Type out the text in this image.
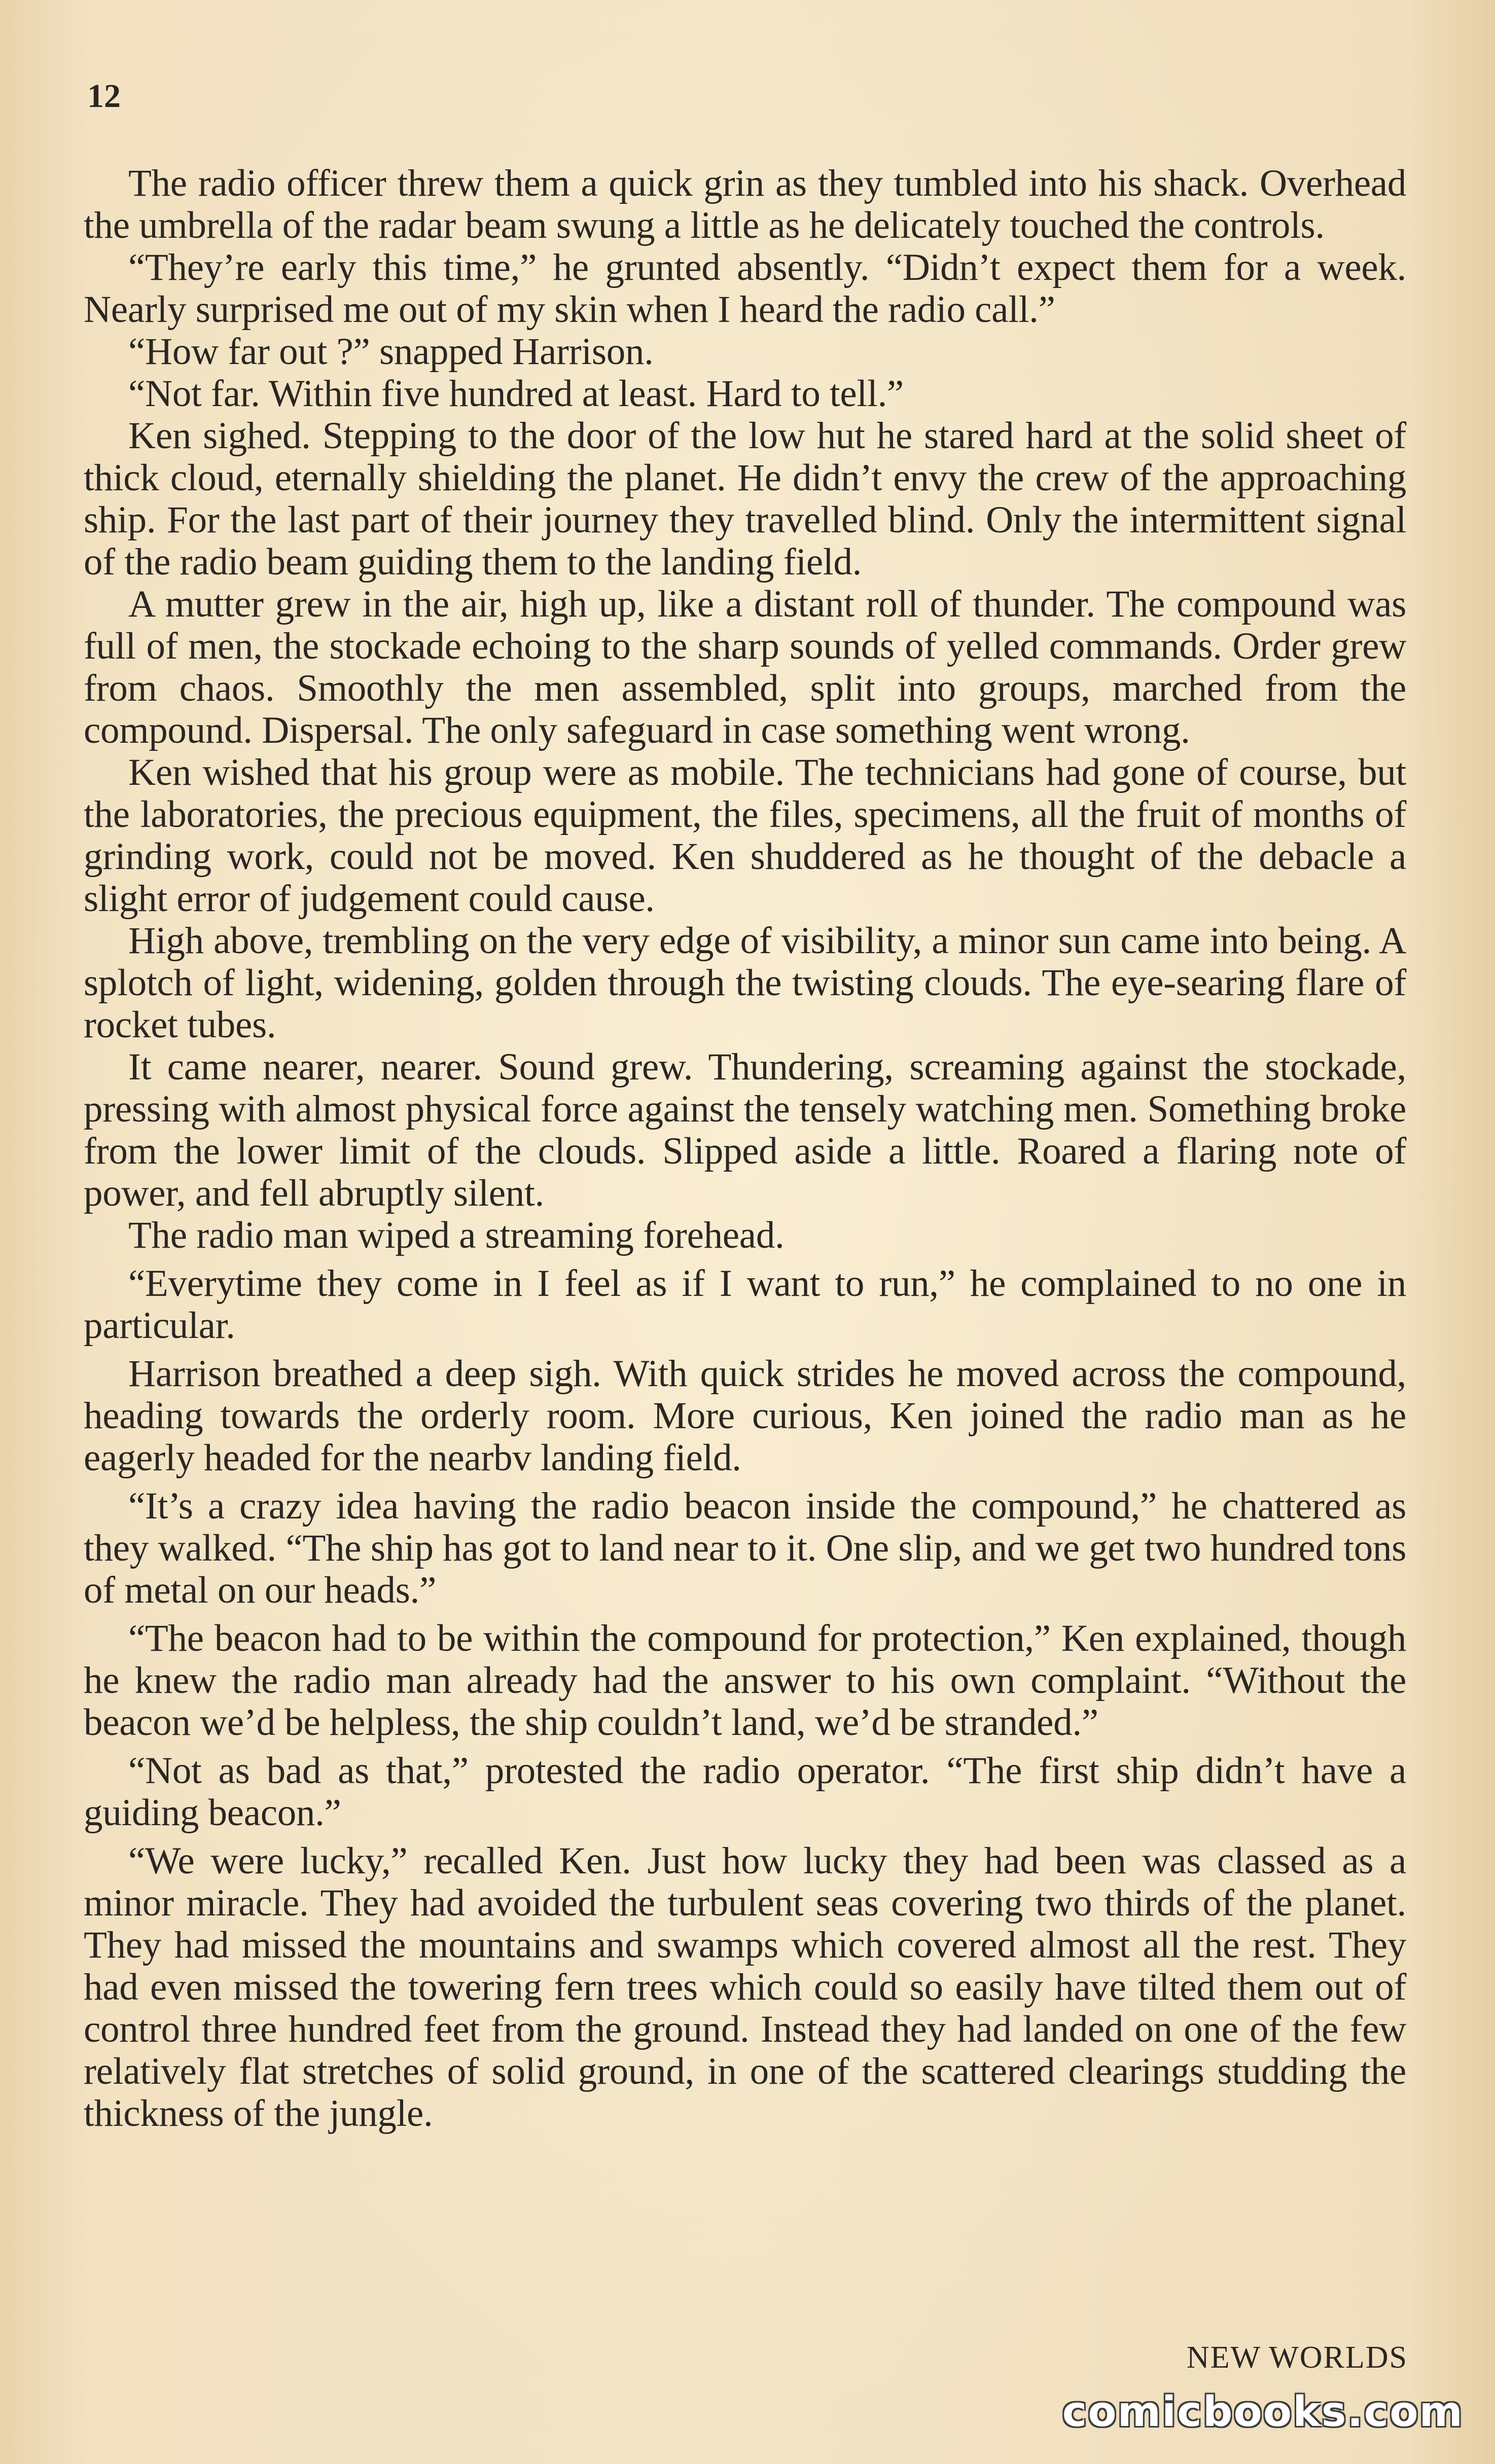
12

The radio officer threw them a quick grin as they tumbled into his shack. Overhead the umbrella of the radar beam swung a little as he delicately touched the controls.

“They’re early this time,” he grunted absently. “Didn’t expect them for a week. Nearly surprised me out of my skin when I heard the radio call.”

“How far out ?” snapped Harrison.

“Not far. Within five hundred at least. Hard to tell.”

Ken sighed. Stepping to the door of the low hut he stared hard at the solid sheet of thick cloud, eternally shielding the planet. He didn’t envy the crew of the approaching ship. For the last part of their journey they travelled blind. Only the intermittent signal of the radio beam guiding them to the landing field.

A mutter grew in the air, high up, like a distant roll of thunder. The compound was full of men, the stockade echoing to the sharp sounds of yelled commands. Order grew from chaos. Smoothly the men assembled, split into groups, marched from the compound. Dispersal. The only safeguard in case something went wrong.

Ken wished that his group were as mobile. The technicians had gone of course, but the laboratories, the precious equipment, the files, specimens, all the fruit of months of grinding work, could not be moved. Ken shuddered as he thought of the debacle a slight error of judgement could cause.

High above, trembling on the very edge of visibility, a minor sun came into being. A splotch of light, widening, golden through the twisting clouds. The eye-searing flare of rocket tubes.

It came nearer, nearer. Sound grew. Thundering, screaming against the stockade, pressing with almost physical force against the tensely watching men. Something broke from the lower limit of the clouds. Slipped aside a little. Roared a flaring note of power, and fell abruptly silent.

The radio man wiped a streaming forehead.

“Everytime they come in I feel as if I want to run,” he complained to no one in particular.

Harrison breathed a deep sigh. With quick strides he moved across the compound, heading towards the orderly room. More curious, Ken joined the radio man as he eagerly headed for the nearbv landing field.

“It’s a crazy idea having the radio beacon inside the compound,” he chattered as they walked. “The ship has got to land near to it. One slip, and we get two hundred tons of metal on our heads.”

“The beacon had to be within the compound for protection,” Ken explained, though he knew the radio man already had the answer to his own complaint. “Without the beacon we’d be helpless, the ship couldn’t land, we’d be stranded.”

“Not as bad as that,” protested the radio operator. “The first ship didn’t have a guiding beacon.”

“We were lucky,” recalled Ken. Just how lucky they had been was classed as a minor miracle. They had avoided the turbulent seas covering two thirds of the planet. They had missed the mountains and swamps which covered almost all the rest. They had even missed the towering fern trees which could so easily have tilted them out of control three hundred feet from the ground. Instead they had landed on one of the few relatively flat stretches of solid ground, in one of the scattered clearings studding the thickness of the jungle.

NEW WORLDS
comicbooks.com
